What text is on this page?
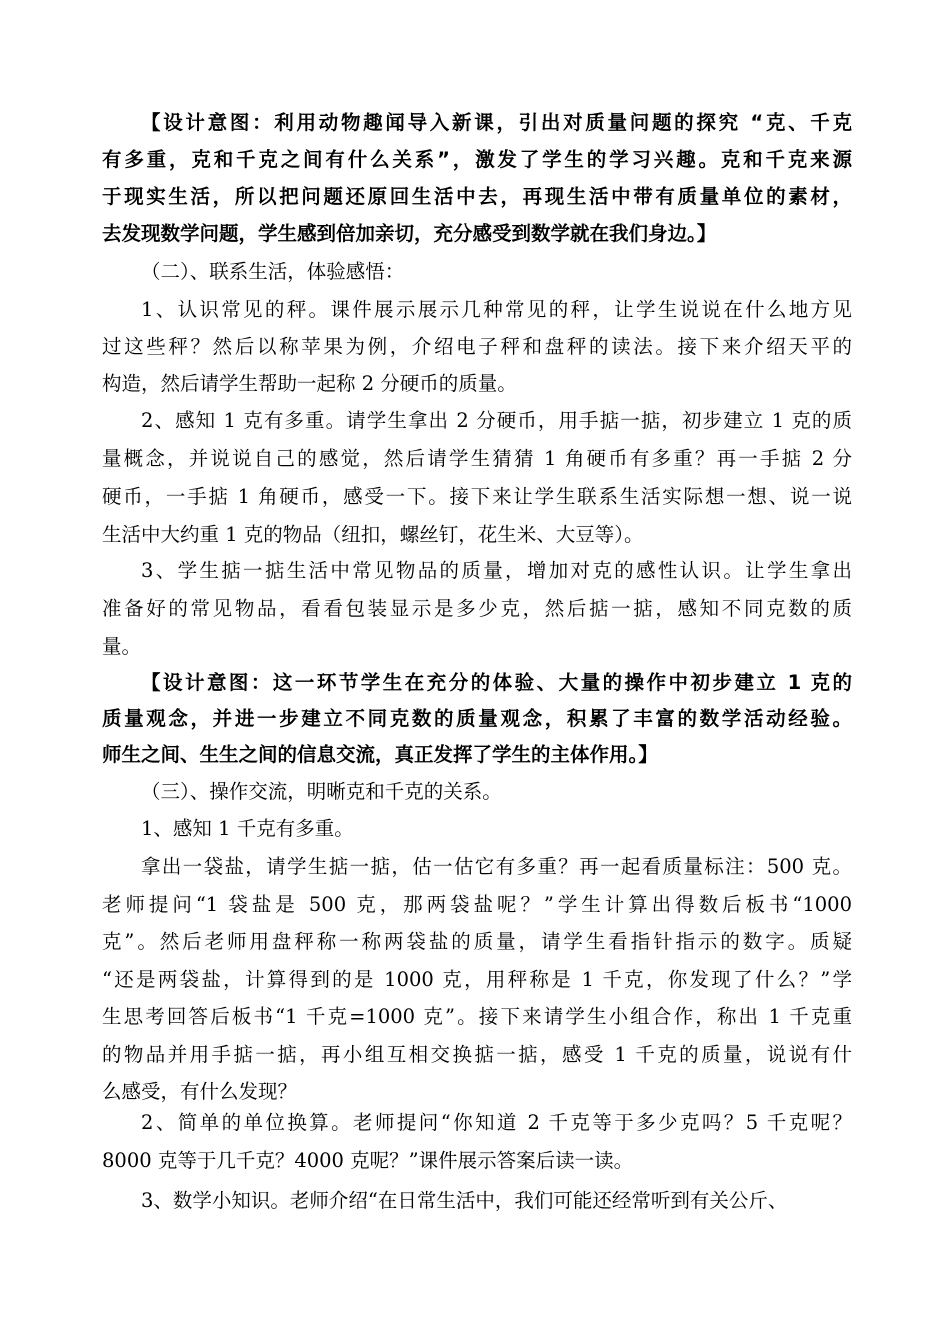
【设计意图：利用动物趣闻导入新课，引出对质量问题的探究 “克、千克
有多重，克和千克之间有什么关系”，激发了学生的学习兴趣。克和千克来源
于现实生活，所以把问题还原回生活中去，再现生活中带有质量单位的素材，
去发现数学问题，学生感到倍加亲切，充分感受到数学就在我们身边。】
（二）、联系生活，体验感悟：
1、认识常见的秤。课件展示展示几种常见的秤，让学生说说在什么地方见
过这些秤？然后以称苹果为例，介绍电子秤和盘秤的读法。接下来介绍天平的
构造，然后请学生帮助一起称 2 分硬币的质量。
2、感知 1 克有多重。请学生拿出 2 分硬币，用手掂一掂，初步建立 1 克的质
量概念，并说说自己的感觉，然后请学生猜猜 1 角硬币有多重？再一手掂 2 分
硬币，一手掂 1 角硬币，感受一下。接下来让学生联系生活实际想一想、说一说
生活中大约重 1 克的物品（纽扣，螺丝钉，花生米、大豆等）。
3、学生掂一掂生活中常见物品的质量，增加对克的感性认识。让学生拿出
准备好的常见物品，看看包装显示是多少克，然后掂一掂，感知不同克数的质
量。
【设计意图：这一环节学生在充分的体验、大量的操作中初步建立 1 克的
质量观念，并进一步建立不同克数的质量观念，积累了丰富的数学活动经验。
师生之间、生生之间的信息交流，真正发挥了学生的主体作用。】
（三）、操作交流，明晰克和千克的关系。
1、感知 1 千克有多重。
拿出一袋盐，请学生掂一掂，估一估它有多重？再一起看质量标注：500 克。
老师提问“1 袋盐是 500 克，那两袋盐呢？”学生计算出得数后板书“1000
克”。然后老师用盘秤称一称两袋盐的质量，请学生看指针指示的数字。质疑
“还是两袋盐，计算得到的是 1000 克，用秤称是 1 千克，你发现了什么？”学
生思考回答后板书“1 千克=1000 克”。接下来请学生小组合作，称出 1 千克重
的物品并用手掂一掂，再小组互相交换掂一掂，感受 1 千克的质量，说说有什
么感受，有什么发现？
2、简单的单位换算。老师提问“你知道 2 千克等于多少克吗？5 千克呢？
8000 克等于几千克？4000 克呢？”课件展示答案后读一读。
3、数学小知识。老师介绍“在日常生活中，我们可能还经常听到有关公斤、
